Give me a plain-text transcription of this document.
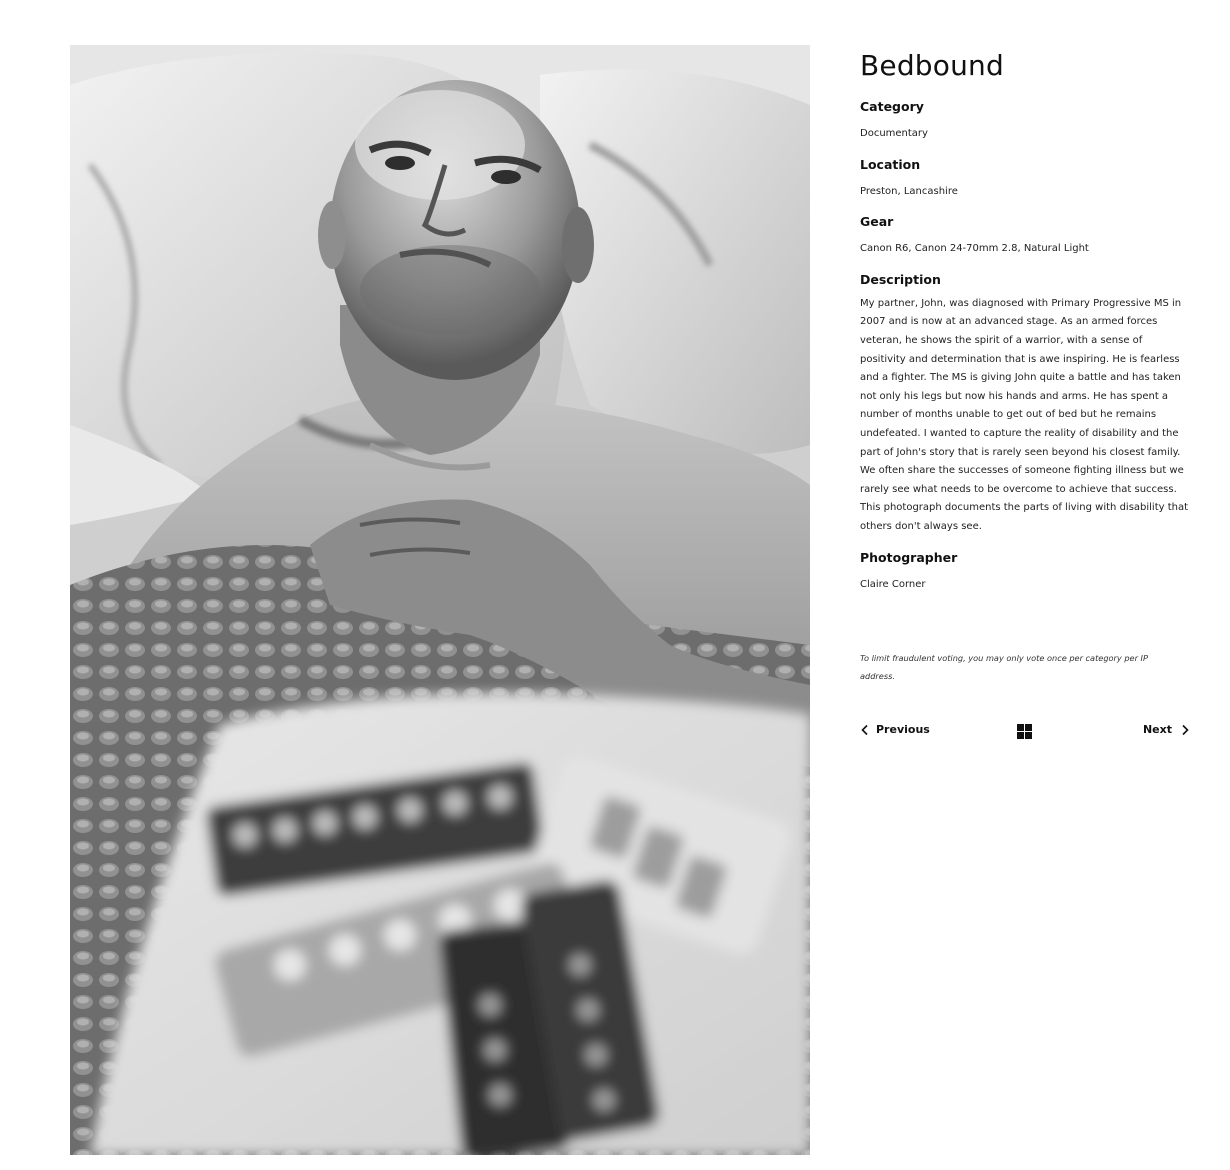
Bedbound
Category
Documentary
Location
Preston, Lancashire
Gear
Canon R6, Canon 24-70mm 2.8, Natural Light
Description
My partner, John, was diagnosed with Primary Progressive MS in 2007 and is now at an advanced stage. As an armed forces veteran, he shows the spirit of a warrior, with a sense of positivity and determination that is awe inspiring. He is fearless and a fighter. The MS is giving John quite a battle and has taken not only his legs but now his hands and arms. He has spent a number of months unable to get out of bed but he remains undefeated. I wanted to capture the reality of disability and the part of John's story that is rarely seen beyond his closest family. We often share the successes of someone fighting illness but we rarely see what needs to be overcome to achieve that success. This photograph documents the parts of living with disability that others don't always see.
Photographer
Claire Corner
To limit fraudulent voting, you may only vote once per category per IP address.
Previous	Next
